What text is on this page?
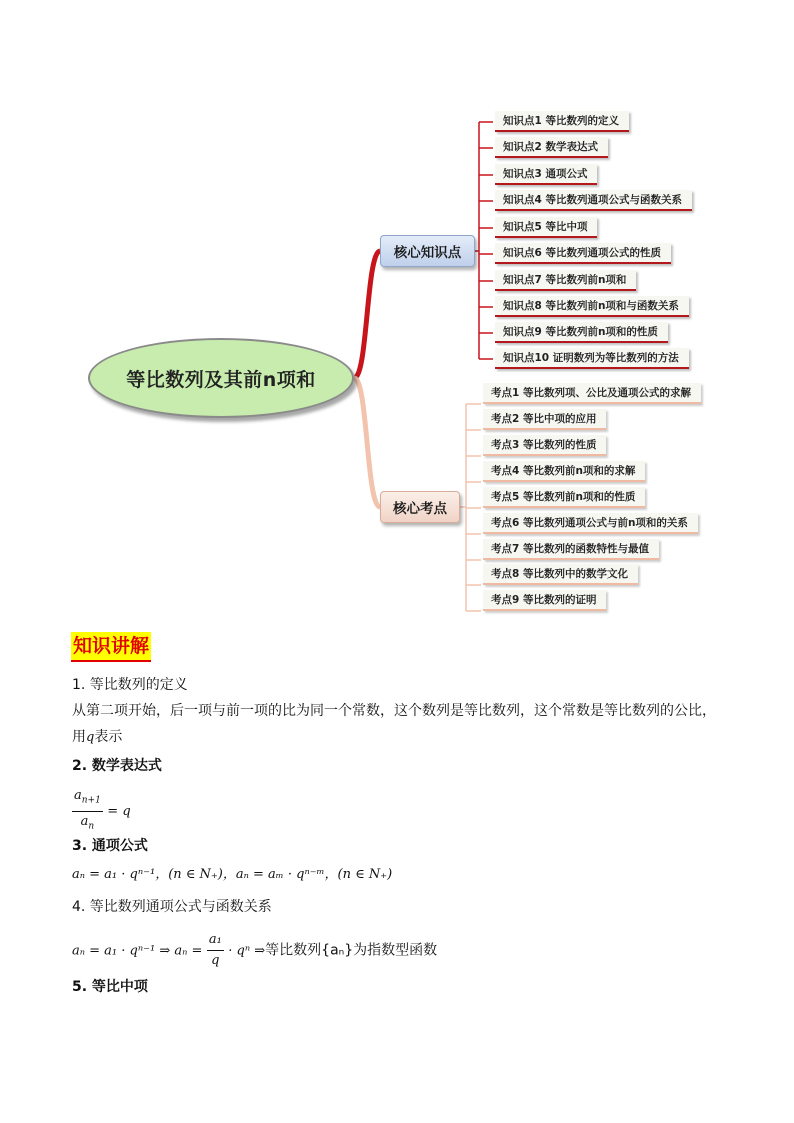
等比数列及其前n项和
核心知识点
核心考点
知识点1 等比数列的定义
知识点2 数学表达式
知识点3 通项公式
知识点4 等比数列通项公式与函数关系
知识点5 等比中项
知识点6 等比数列通项公式的性质
知识点7 等比数列前n项和
知识点8 等比数列前n项和与函数关系
知识点9 等比数列前n项和的性质
知识点10 证明数列为等比数列的方法
考点1 等比数列项、公比及通项公式的求解
考点2 等比中项的应用
考点3 等比数列的性质
考点4 等比数列前n项和的求解
考点5 等比数列前n项和的性质
考点6 等比数列通项公式与前n项和的关系
考点7 等比数列的函数特性与最值
考点8 等比数列中的数学文化
考点9 等比数列的证明
知识讲解
1. 等比数列的定义
从第二项开始，后一项与前一项的比为同一个常数，这个数列是等比数列，这个常数是等比数列的公比，
用q表示
2. 数学表达式
$\frac{a_{n+1}}{a_n} = q$
3. 通项公式
aₙ = a₁ · qⁿ⁻¹，(n ∈ N₊)，aₙ = aₘ · qⁿ⁻ᵐ，(n ∈ N₊)
4. 等比数列通项公式与函数关系
aₙ = a₁ · qⁿ⁻¹ ⇒ $a_n = \frac{\text{a₁}}{q} \cdot q^n$ ⇒等比数列{aₙ}为指数型函数
5. 等比中项
